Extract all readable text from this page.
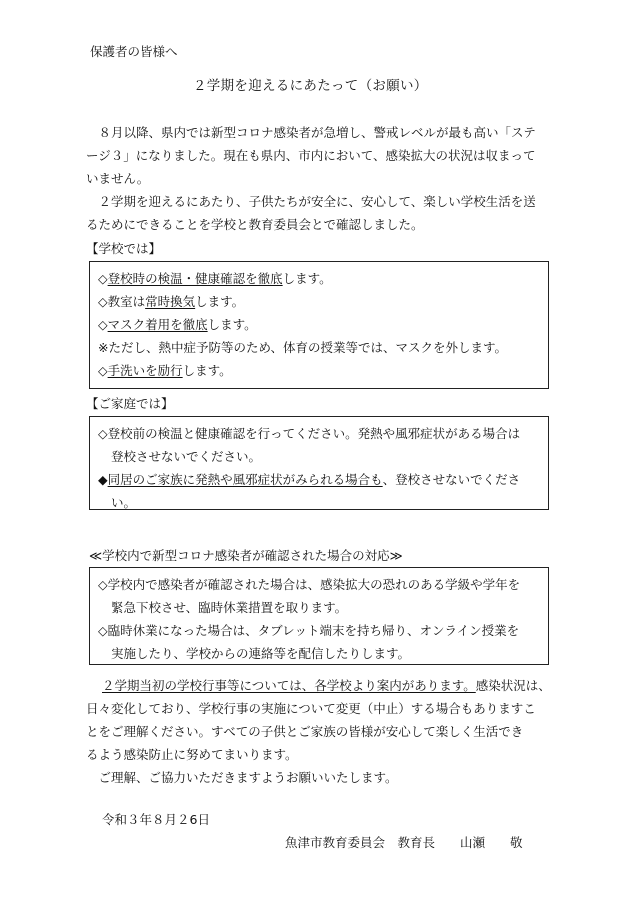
保護者の皆様へ
２学期を迎えるにあたって（お願い）
　８月以降、県内では新型コロナ感染者が急増し、警戒レベルが最も高い「ステ
ージ３」になりました。現在も県内、市内において、感染拡大の状況は収まって
いません。
　２学期を迎えるにあたり、子供たちが安全に、安心して、楽しい学校生活を送
るためにできることを学校と教育委員会とで確認しました。
【学校では】
◇登校時の検温・健康確認を徹底します。
◇教室は常時換気します。
◇マスク着用を徹底します。
※ただし、熱中症予防等のため、体育の授業等では、マスクを外します。
◇手洗いを励行します。
【ご家庭では】
◇登校前の検温と健康確認を行ってください。発熱や風邪症状がある場合は
登校させないでください。
◆同居のご家族に発熱や風邪症状がみられる場合も、登校させないでくださ
い。
≪学校内で新型コロナ感染者が確認された場合の対応≫
◇学校内で感染者が確認された場合は、感染拡大の恐れのある学級や学年を
緊急下校させ、臨時休業措置を取ります。
◇臨時休業になった場合は、タブレット端末を持ち帰り、オンライン授業を
実施したり、学校からの連絡等を配信したりします。
２学期当初の学校行事等については、各学校より案内があります。感染状況は、
日々変化しており、学校行事の実施について変更（中止）する場合もありますこ
とをご理解ください。すべての子供とご家族の皆様が安心して楽しく生活でき
るよう感染防止に努めてまいります。
　ご理解、ご協力いただきますようお願いいたします。
令和３年８月２6日
魚津市教育委員会　教育長　　山瀬　　敬
